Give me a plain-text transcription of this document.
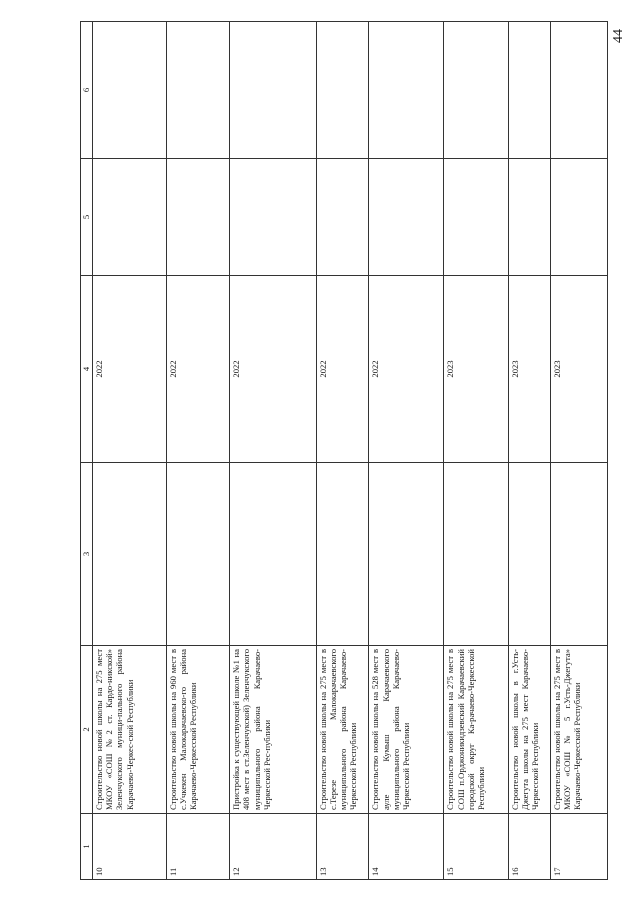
44
1	2	3	4	5	6
10	Строительство новой школы на 275 мест МКОУ «СОШ №2 ст. Кардо-никской» Зеленчукского муници-пального района Карачаево-Черкес-ской Республики		2022		
11	Строительство новой школы на 960 мест в с.Учкекен Малокарачаевско-го района Карачаево-Черкесской Республики		2022		
12	Пристройка к существующей школе №1 на 408 мест в ст.Зеленчукской) Зеленчукского муниципального района Карачаево-Черкесской Рес-публики		2022		
13	Строительство новой школы на 275 мест в с.Терезе Малокарачаевского муниципального района Карачаево-Черкесской Республики		2022		
14	Строительство новой школы на 528 мест в ауле Кумыш Карачаевского муниципального района Карачаево-Черкесской Республики		2022		
15	Строительство новой школы на 275 мест в СОШ п.Орджоникидзевский Карачаевский городской округ Ка-рачаево-Черкесской Республики		2023		
16	Строительство новой школы в г.Усть-Джегута школы на 275 мест Карачаево-Черкесской Республики		2023		
17	Строительство новой школы на 275 мест в МКОУ «СОШ № 5 г.Усть-Джегута» Карачаево-Черкесской Республики		2023		
